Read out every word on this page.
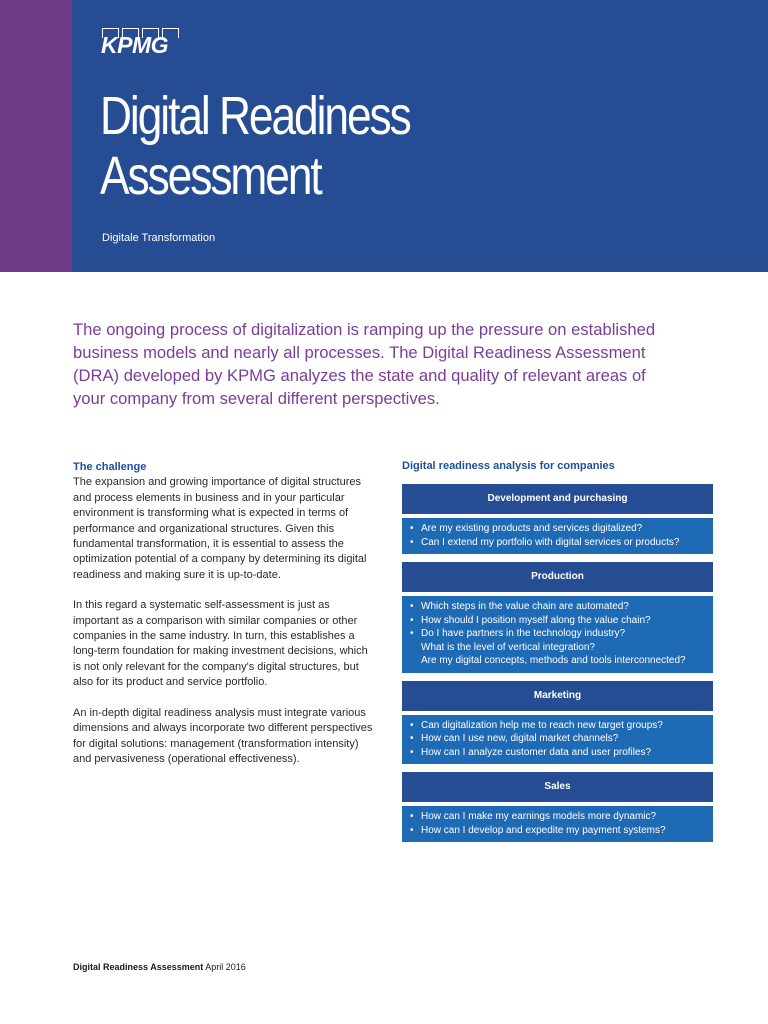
KPMG
Digital Readiness
Assessment
Digitale Transformation

The ongoing process of digitalization is ramping up the pressure on established business models and nearly all processes. The Digital Readiness Assessment (DRA) developed by KPMG analyzes the state and quality of relevant areas of your company from several different perspectives.

The challenge

The expansion and growing importance of digital structures and process elements in business and in your particular environment is transforming what is expected in terms of performance and organizational structures. Given this fundamental transformation, it is essential to assess the optimization potential of a company by determining its digital readiness and making sure it is up-to-date.

In this regard a systematic self-assessment is just as important as a comparison with similar companies or other companies in the same industry. In turn, this establishes a long-term foundation for making investment decisions, which is not only relevant for the company's digital structures, but also for its product and service portfolio.

An in-depth digital readiness analysis must integrate various dimensions and always incorporate two different perspectives for digital solutions: management (transformation intensity) and pervasiveness (operational effectiveness).

Digital readiness analysis for companies
Development and purchasing
• Are my existing products and services digitalized?
• Can I extend my portfolio with digital services or products?
Production
• Which steps in the value chain are automated?
• How should I position myself along the value chain?
• Do I have partners in the technology industry?
What is the level of vertical integration?
Are my digital concepts, methods and tools interconnected?
Marketing
• Can digitalization help me to reach new target groups?
• How can I use new, digital market channels?
• How can I analyze customer data and user profiles?
Sales
• How can I make my earnings models more dynamic?
• How can I develop and expedite my payment systems?
Digital Readiness Assessment April 2016
